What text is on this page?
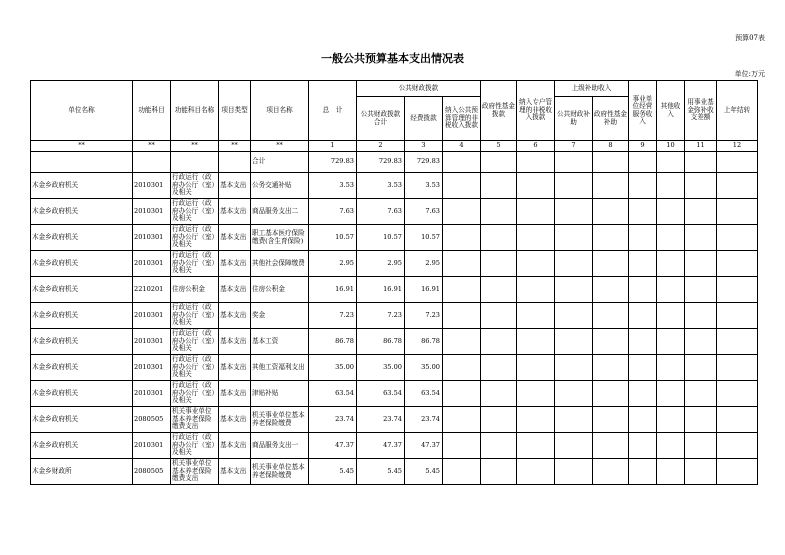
预算07表
一般公共预算基本支出情况表
单位:万元
单位名称	功能科目	功能科目名称	项目类型	项目名称	总　计	公共财政拨款			政府性基金拨款	纳入专户管理的非税收入拨款	上级补助收入		事业单位经营服务收入	其他收入	用事业基金弥补收支差额	上年结转
						公共财政拨款合计	经费拨款	纳入公共预算管理的非税收入拨款			公共财政补助	政府性基金补助				

**	**	**	**	**	1	2	3	4	5	6	7	8	9	10	11	12
				合计	729.83	729.83	729.83									
木金乡政府机关	2010301	行政运行（政府办公厅（室）及相关	基本支出	公务交通补贴	3.53	3.53	3.53									
木金乡政府机关	2010301	行政运行（政府办公厅（室）及相关	基本支出	商品服务支出二	7.63	7.63	7.63									
木金乡政府机关	2010301	行政运行（政府办公厅（室）及相关	基本支出	职工基本医疗保险缴费(含生育保险)	10.57	10.57	10.57									
木金乡政府机关	2010301	行政运行（政府办公厅（室）及相关	基本支出	其他社会保障缴费	2.95	2.95	2.95									
木金乡政府机关	2210201	住房公积金	基本支出	住房公积金	16.91	16.91	16.91									
木金乡政府机关	2010301	行政运行（政府办公厅（室）及相关	基本支出	奖金	7.23	7.23	7.23									
木金乡政府机关	2010301	行政运行（政府办公厅（室）及相关	基本支出	基本工资	86.78	86.78	86.78									
木金乡政府机关	2010301	行政运行（政府办公厅（室）及相关	基本支出	其他工资福利支出	35.00	35.00	35.00									
木金乡政府机关	2010301	行政运行（政府办公厅（室）及相关	基本支出	津贴补贴	63.54	63.54	63.54									
木金乡政府机关	2080505	机关事业单位基本养老保险缴费支出	基本支出	机关事业单位基本养老保险缴费	23.74	23.74	23.74									
木金乡政府机关	2010301	行政运行（政府办公厅（室）及相关	基本支出	商品服务支出一	47.37	47.37	47.37									
木金乡财政所	2080505	机关事业单位基本养老保险缴费支出	基本支出	机关事业单位基本养老保险缴费	5.45	5.45	5.45									
